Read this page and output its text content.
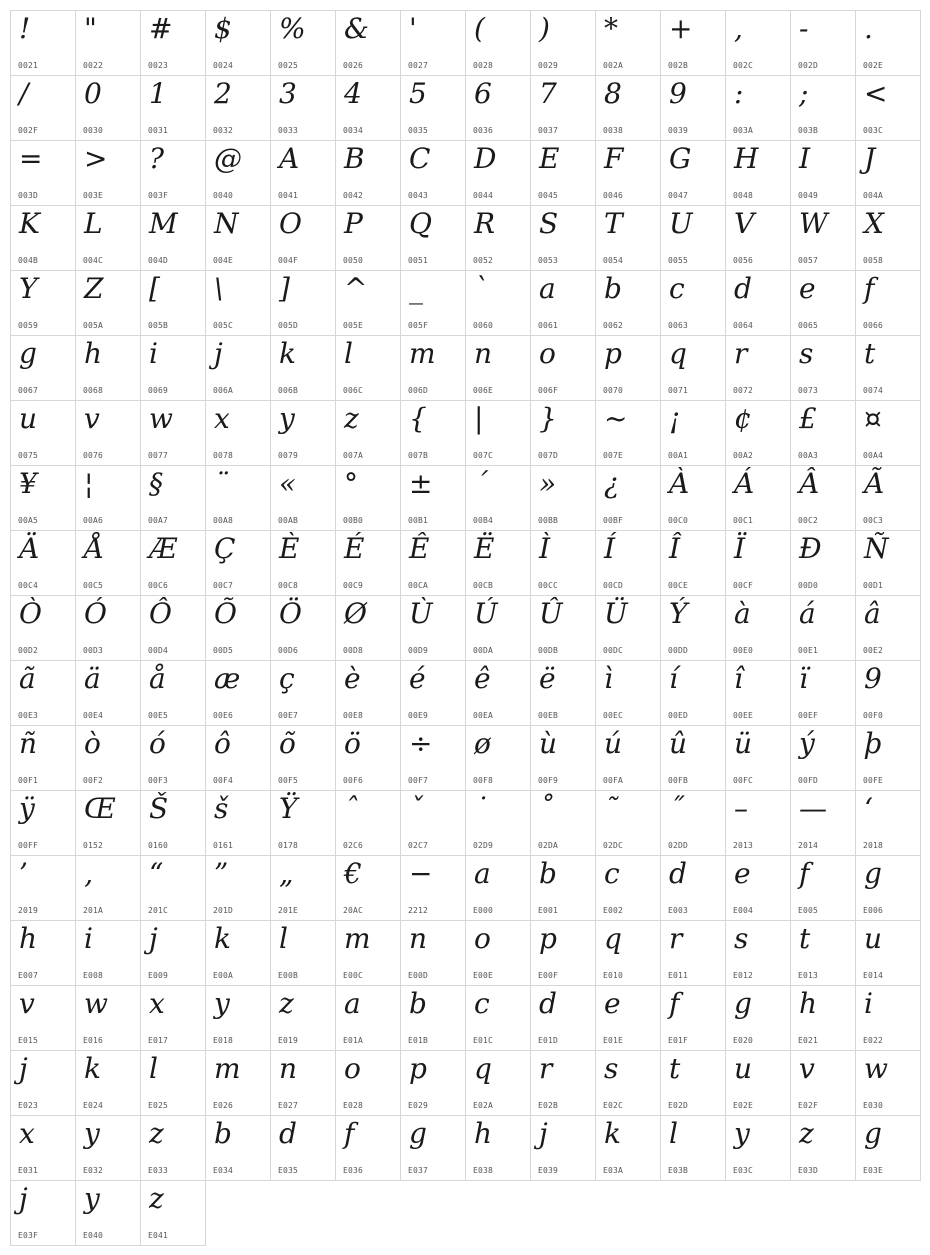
!
0021
"
0022
#
0023
$
0024
%
0025
&
0026
'
0027
(
0028
)
0029
*
002A
+
002B
,
002C
-
002D
.
002E
/
002F
0
0030
1
0031
2
0032
3
0033
4
0034
5
0035
6
0036
7
0037
8
0038
9
0039
:
003A
;
003B
<
003C
=
003D
>
003E
?
003F
@
0040
A
0041
B
0042
C
0043
D
0044
E
0045
F
0046
G
0047
H
0048
I
0049
J
004A
K
004B
L
004C
M
004D
N
004E
O
004F
P
0050
Q
0051
R
0052
S
0053
T
0054
U
0055
V
0056
W
0057
X
0058
Y
0059
Z
005A
[
005B
\
005C
]
005D
^
005E
_
005F
`
0060
a
0061
b
0062
c
0063
d
0064
e
0065
f
0066
g
0067
h
0068
i
0069
j
006A
k
006B
l
006C
m
006D
n
006E
o
006F
p
0070
q
0071
r
0072
s
0073
t
0074
u
0075
v
0076
w
0077
x
0078
y
0079
z
007A
{
007B
|
007C
}
007D
~
007E
¡
00A1
¢
00A2
£
00A3
¤
00A4
¥
00A5
¦
00A6
§
00A7
¨
00A8
«
00AB
°
00B0
±
00B1
´
00B4
»
00BB
¿
00BF
À
00C0
Á
00C1
Â
00C2
Ã
00C3
Ä
00C4
Å
00C5
Æ
00C6
Ç
00C7
È
00C8
É
00C9
Ê
00CA
Ë
00CB
Ì
00CC
Í
00CD
Î
00CE
Ï
00CF
Ð
00D0
Ñ
00D1
Ò
00D2
Ó
00D3
Ô
00D4
Õ
00D5
Ö
00D6
Ø
00D8
Ù
00D9
Ú
00DA
Û
00DB
Ü
00DC
Ý
00DD
à
00E0
á
00E1
â
00E2
ã
00E3
ä
00E4
å
00E5
æ
00E6
ç
00E7
è
00E8
é
00E9
ê
00EA
ë
00EB
ì
00EC
í
00ED
î
00EE
ï
00EF
9
00F0
ñ
00F1
ò
00F2
ó
00F3
ô
00F4
õ
00F5
ö
00F6
÷
00F7
ø
00F8
ù
00F9
ú
00FA
û
00FB
ü
00FC
ý
00FD
þ
00FE
ÿ
00FF
Œ
0152
Š
0160
š
0161
Ÿ
0178
ˆ
02C6
ˇ
02C7
˙
02D9
˚
02DA
˜
02DC
˝
02DD
–
2013
—
2014
‘
2018
’
2019
‚
201A
“
201C
”
201D
„
201E
€
20AC
−
2212
a
E000
b
E001
c
E002
d
E003
e
E004
f
E005
g
E006
h
E007
i
E008
j
E009
k
E00A
l
E00B
m
E00C
n
E00D
o
E00E
p
E00F
q
E010
r
E011
s
E012
t
E013
u
E014
v
E015
w
E016
x
E017
y
E018
z
E019
a
E01A
b
E01B
c
E01C
d
E01D
e
E01E
f
E01F
g
E020
h
E021
i
E022
j
E023
k
E024
l
E025
m
E026
n
E027
o
E028
p
E029
q
E02A
r
E02B
s
E02C
t
E02D
u
E02E
v
E02F
w
E030
x
E031
y
E032
z
E033
b
E034
d
E035
f
E036
g
E037
h
E038
j
E039
k
E03A
l
E03B
y
E03C
z
E03D
g
E03E
j
E03F
y
E040
z
E041
